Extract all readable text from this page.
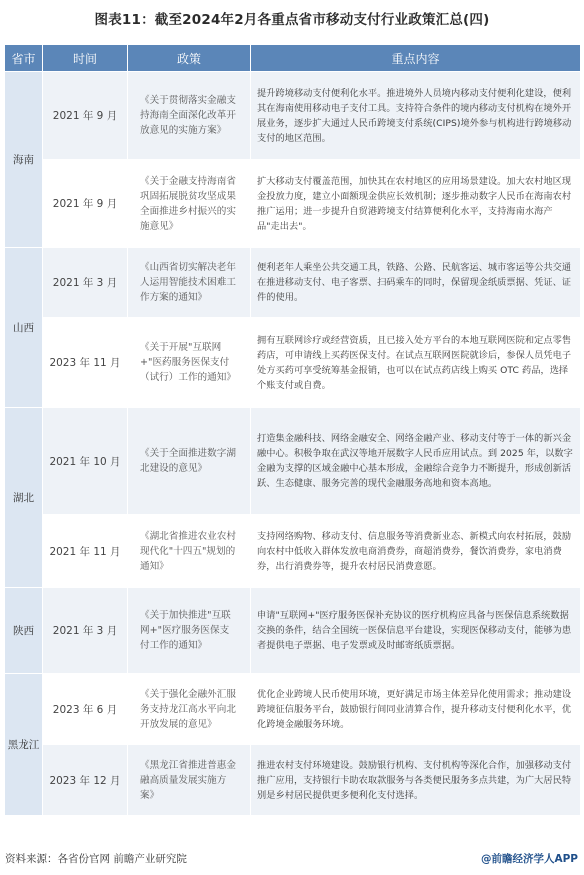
图表11：截至2024年2月各重点省市移动支付行业政策汇总(四)
省市	时间	政策	重点内容
海南	2021 年 9 月	《关于贯彻落实金融支持海南全面深化改革开放意见的实施方案》	提升跨境移动支付便利化水平。推进境外人员境内移动支付便利化建设，便利其在海南使用移动电子支付工具。支持符合条件的境内移动支付机构在境外开展业务，逐步扩大通过人民币跨境支付系统(CIPS)境外参与机构进行跨境移动支付的地区范围。
	2021 年 9 月	《关于金融支持海南省巩固拓展脱贫攻坚成果全面推进乡村振兴的实施意见》	扩大移动支付覆盖范围，加快其在农村地区的应用场景建设。加大农村地区现金投放力度，建立小面额现金供应长效机制；逐步推动数字人民币在海南农村推广运用；进一步提升自贸港跨境支付结算便利化水平，支持海南水海产品"走出去"。
山西	2021 年 3 月	《山西省切实解决老年人运用智能技术困难工作方案的通知》	便利老年人乘坐公共交通工具，铁路、公路、民航客运、城市客运等公共交通在推进移动支付、电子客票、扫码乘车的同时，保留现金纸质票据、凭证、证件的使用。
	2023 年 11 月	《关于开展"互联网+"医药服务医保支付（试行）工作的通知》	拥有互联网诊疗或经营资质，且已接入处方平台的本地互联网医院和定点零售药店，可申请线上买药医保支付。在试点互联网医院就诊后，参保人员凭电子处方买药可享受统筹基金报销，也可以在试点药店线上购买 OTC 药品，选择个账支付或自费。
湖北	2021 年 10 月	《关于全面推进数字湖北建设的意见》	打造集金融科技、网络金融安全、网络金融产业、移动支付等于一体的新兴金融中心。积极争取在武汉等地开展数字人民币应用试点。到 2025 年，以数字金融为支撑的区域金融中心基本形成，金融综合竞争力不断提升，形成创新活跃、生态健康、服务完善的现代金融服务高地和资本高地。
	2021 年 11 月	《湖北省推进农业农村现代化"十四五"规划的通知》	支持网络购物、移动支付、信息服务等消费新业态、新模式向农村拓展，鼓励向农村中低收入群体发放电商消费券，商超消费券，餐饮消费券，家电消费券，出行消费券等，提升农村居民消费意愿。
陕西	2021 年 3 月	《关于加快推进"互联网+"医疗服务医保支付工作的通知》	申请"互联网+"医疗服务医保补充协议的医疗机构应具备与医保信息系统数据交换的条件，结合全国统一医保信息平台建设，实现医保移动支付，能够为患者提供电子票据、电子发票或及时邮寄纸质票据。
黑龙江	2023 年 6 月	《关于强化金融外汇服务支持龙江高水平向北开放发展的意见》	优化企业跨境人民币使用环境，更好满足市场主体差异化使用需求；推动建设跨境征信服务平台，鼓励银行间同业清算合作，提升移动支付便利化水平，优化跨境金融服务环境。
	2023 年 12 月	《黑龙江省推进普惠金融高质量发展实施方案》	推进农村支付环境建设。鼓励银行机构、支付机构等深化合作，加强移动支付推广应用，支持银行卡助农取款服务与各类便民服务多点共建，为广大居民特别是乡村居民提供更多便利化支付选择。
资料来源：各省份官网 前瞻产业研究院	@前瞻经济学人APP
